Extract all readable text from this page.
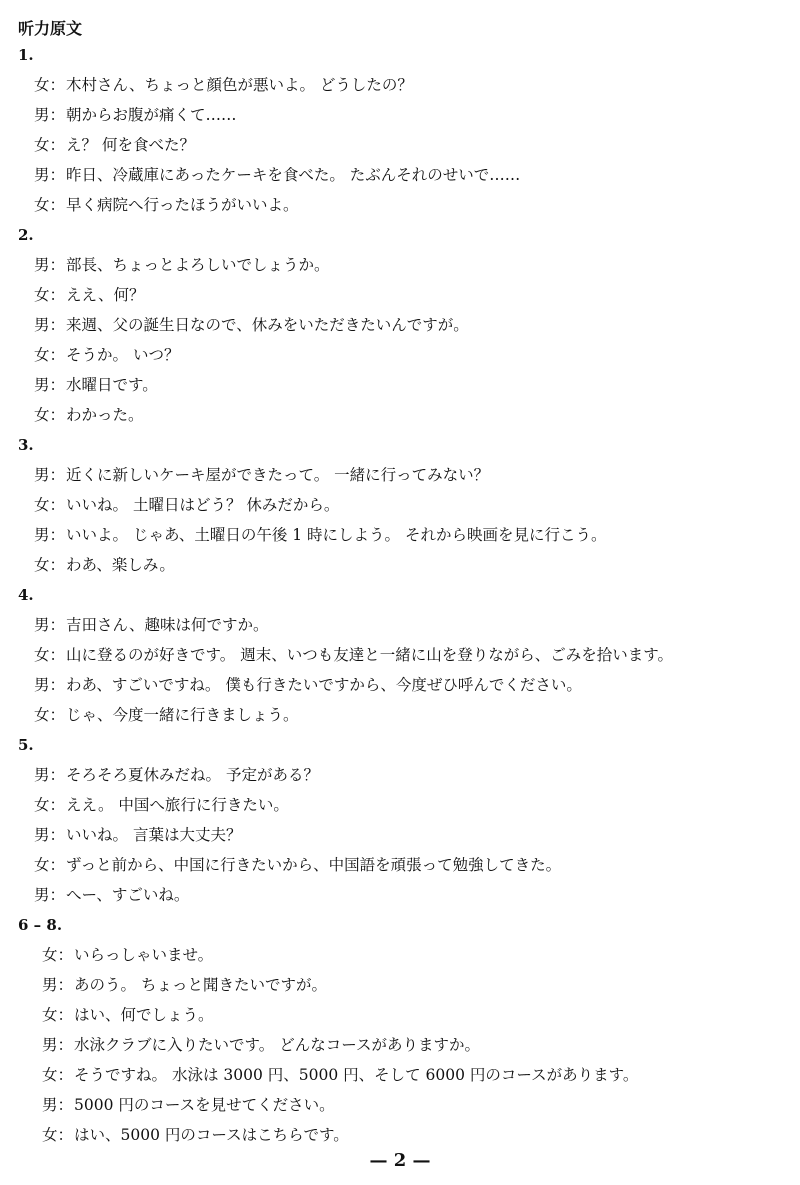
听力原文
1.
女：木村さん、ちょっと顔色が悪いよ。 どうしたの？
男：朝からお腹が痛くて……
女：え？ 何を食べた？
男：昨日、冷蔵庫にあったケーキを食べた。 たぶんそれのせいで……
女：早く病院へ行ったほうがいいよ。
2.
男：部長、ちょっとよろしいでしょうか。
女：ええ、何？
男：来週、父の誕生日なので、休みをいただきたいんですが。
女：そうか。 いつ？
男：水曜日です。
女：わかった。
3.
男：近くに新しいケーキ屋ができたって。 一緒に行ってみない？
女：いいね。 土曜日はどう？ 休みだから。
男：いいよ。 じゃあ、土曜日の午後 1 時にしよう。 それから映画を見に行こう。
女：わあ、楽しみ。
4.
男：吉田さん、趣味は何ですか。
女：山に登るのが好きです。 週末、いつも友達と一緒に山を登りながら、ごみを拾います。
男：わあ、すごいですね。 僕も行きたいですから、今度ぜひ呼んでください。
女：じゃ、今度一緒に行きましょう。
5.
男：そろそろ夏休みだね。 予定がある？
女：ええ。 中国へ旅行に行きたい。
男：いいね。 言葉は大丈夫？
女：ずっと前から、中国に行きたいから、中国語を頑張って勉強してきた。
男：へー、すごいね。
6 – 8.
女：いらっしゃいませ。
男：あのう。 ちょっと聞きたいですが。
女：はい、何でしょう。
男：水泳クラブに入りたいです。 どんなコースがありますか。
女：そうですね。 水泳は 3000 円、5000 円、そして 6000 円のコースがあります。
男：5000 円のコースを見せてください。
女：はい、5000 円のコースはこちらです。
— 2 —
